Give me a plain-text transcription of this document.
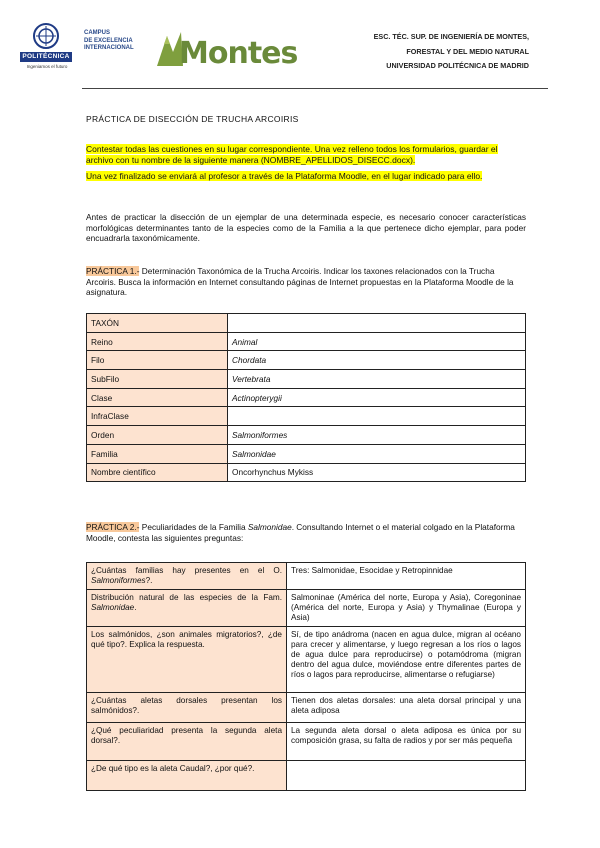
POLITÉCNICA
Ingeniamos el futuro
CAMPUS
DE EXCELENCIA
INTERNACIONAL Montes	ESC. TÉC. SUP. DE INGENIERÍA DE MONTES,
FORESTAL Y DEL MEDIO NATURAL
UNIVERSIDAD POLITÉCNICA DE MADRID
PRÁCTICA DE DISECCIÓN DE TRUCHA ARCOIRIS
Contestar todas las cuestiones en su lugar correspondiente. Una vez relleno todos los formularios, guardar el archivo con tu nombre de la siguiente manera (NOMBRE_APELLIDOS_DISECC.docx).
Una vez finalizado se enviará al profesor a través de la Plataforma Moodle, en el lugar indicado para ello.
Antes de practicar la disección de un ejemplar de una determinada especie, es necesario conocer características morfológicas determinantes tanto de la especies como de la Familia a la que pertenece dicho ejemplar, para poder encuadrarla taxonómicamente.
PRÁCTICA 1.- Determinación Taxonómica de la Trucha Arcoiris. Indicar los taxones relacionados con la Trucha Arcoiris. Busca la información en Internet consultando páginas de Internet propuestas en la Plataforma Moodle de la asignatura.
TAXÓN	
Reino	Animal
Filo	Chordata
SubFilo	Vertebrata
Clase	Actinopterygii
InfraClase	
Orden	Salmoniformes
Familia	Salmonidae
Nombre científico	Oncorhynchus Mykiss
PRÁCTICA 2.- Peculiaridades de la Familia Salmonidae. Consultando Internet o el material colgado en la Plataforma Moodle, contesta las siguientes preguntas:
¿Cuántas familias hay presentes en el O. Salmoniformes?.	Tres: Salmonidae, Esocidae y Retropinnidae
Distribución natural de las especies de la Fam. Salmonidae.	Salmoninae (América del norte, Europa y Asia), Coregoninae (América del norte, Europa y Asia) y Thymalinae (Europa y Asia)
Los salmónidos, ¿son animales migratorios?, ¿de qué tipo?. Explica la respuesta.	Sí, de tipo anádroma (nacen en agua dulce, migran al océano para crecer y alimentarse, y luego regresan a los ríos o lagos de agua dulce para reproducirse) o potamódroma (migran dentro del agua dulce, moviéndose entre diferentes partes de ríos o lagos para reproducirse, alimentarse o refugiarse)
¿Cuántas aletas dorsales presentan los salmónidos?.	Tienen dos aletas dorsales: una aleta dorsal principal y una aleta adiposa
¿Qué peculiaridad presenta la segunda aleta dorsal?.	La segunda aleta dorsal o aleta adiposa es única por su composición grasa, su falta de radios y por ser más pequeña
¿De qué tipo es la aleta Caudal?, ¿por qué?.	
